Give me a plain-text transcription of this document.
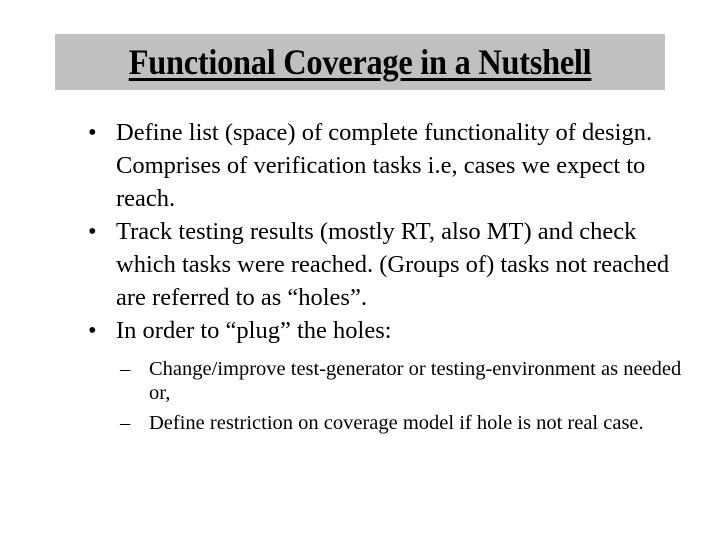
Functional Coverage in a Nutshell
• Define list (space) of complete functionality of design. Comprises of verification tasks i.e, cases we expect to reach.
• Track testing results (mostly RT, also MT) and check which tasks were reached. (Groups of) tasks not reached are referred to as “holes”.
• In order to “plug” the holes:
– Change/improve test-generator or testing-environment as needed or,
– Define restriction on coverage model if hole is not real case.
